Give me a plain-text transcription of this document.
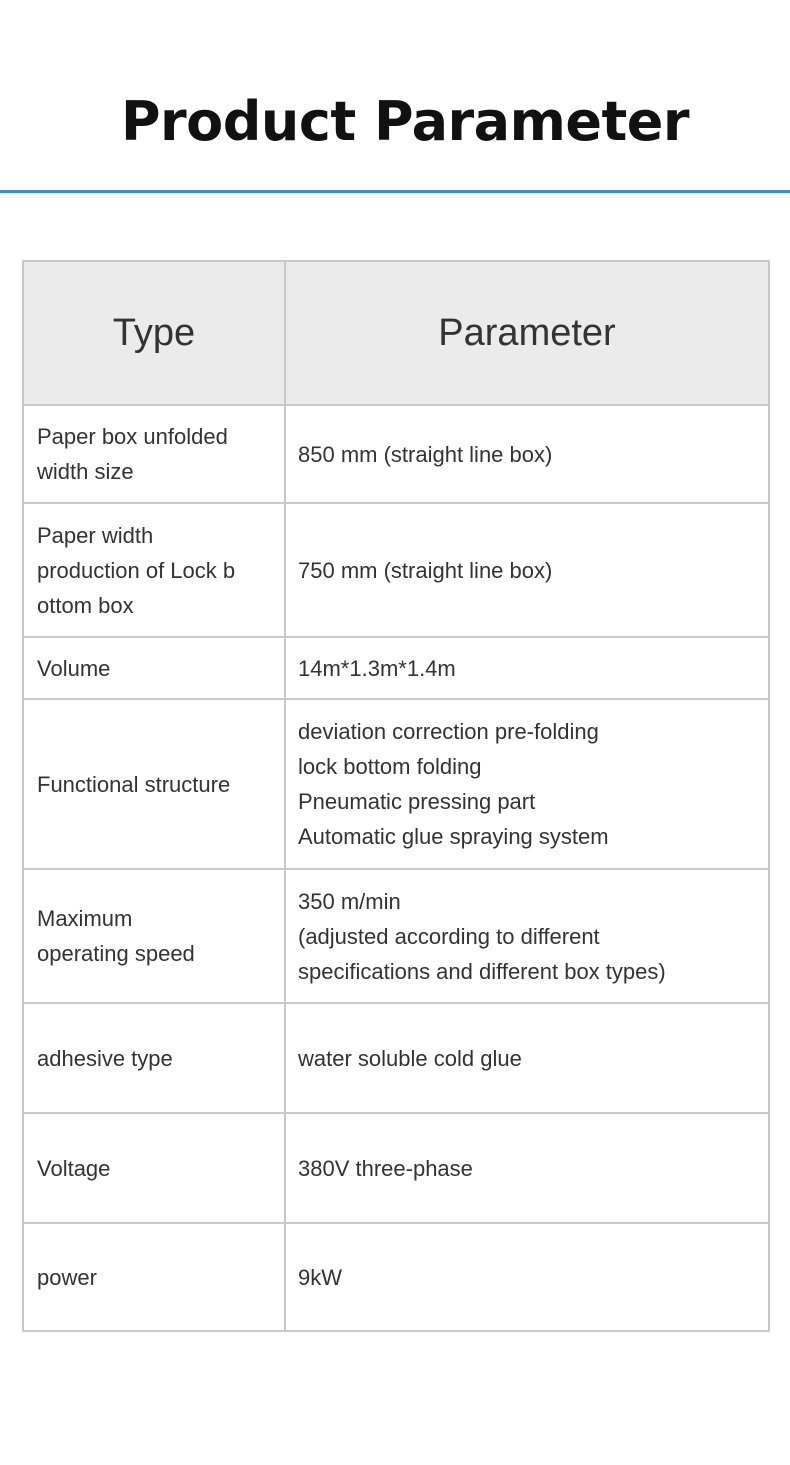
Product Parameter
Type	Parameter

Paper box unfolded
width size	850 mm (straight line box)

Paper width
production of Lock b
ottom box	750 mm (straight line box)

Volume	14m*1.3m*1.4m

Functional structure	deviation correction pre-folding
lock bottom folding
Pneumatic pressing part
Automatic glue spraying system

Maximum
operating speed	350 m/min
(adjusted according to different
specifications and different box types)

adhesive type	water soluble cold glue

Voltage	380V three-phase

power	9kW
